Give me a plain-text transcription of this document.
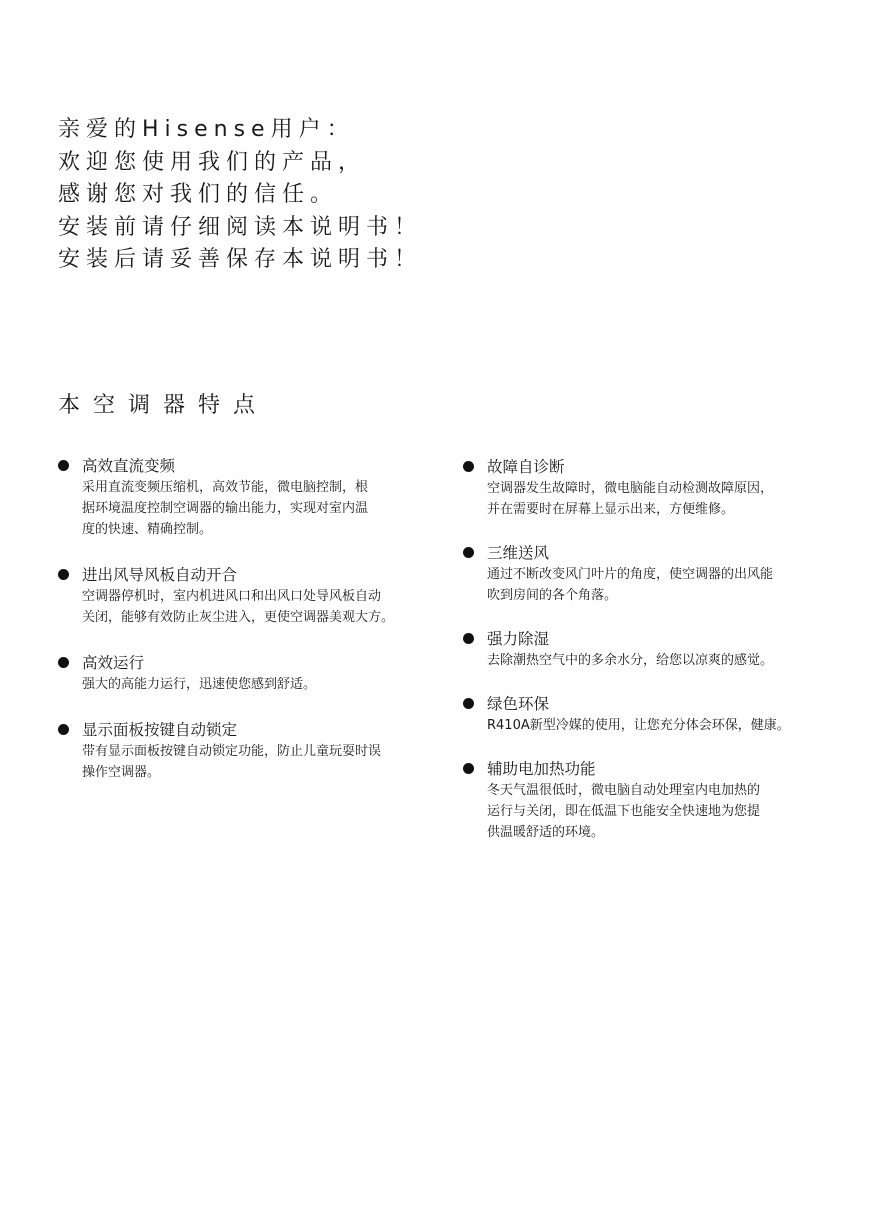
亲爱的Hisense用户：
欢迎您使用我们的产品，
感谢您对我们的信任。
安装前请仔细阅读本说明书！
安装后请妥善保存本说明书！
本空调器特点
高效直流变频
采用直流变频压缩机，高效节能，微电脑控制，根
据环境温度控制空调器的输出能力，实现对室内温
度的快速、精确控制。
进出风导风板自动开合
空调器停机时，室内机进风口和出风口处导风板自动
关闭，能够有效防止灰尘进入，更使空调器美观大方。
高效运行
强大的高能力运行，迅速使您感到舒适。
显示面板按键自动锁定
带有显示面板按键自动锁定功能，防止儿童玩耍时误
操作空调器。
故障自诊断
空调器发生故障时，微电脑能自动检测故障原因，
并在需要时在屏幕上显示出来，方便维修。
三维送风
通过不断改变风门叶片的角度，使空调器的出风能
吹到房间的各个角落。
强力除湿
去除潮热空气中的多余水分，给您以凉爽的感觉。
绿色环保
R410A新型冷媒的使用，让您充分体会环保，健康。
辅助电加热功能
冬天气温很低时，微电脑自动处理室内电加热的
运行与关闭，即在低温下也能安全快速地为您提
供温暖舒适的环境。
